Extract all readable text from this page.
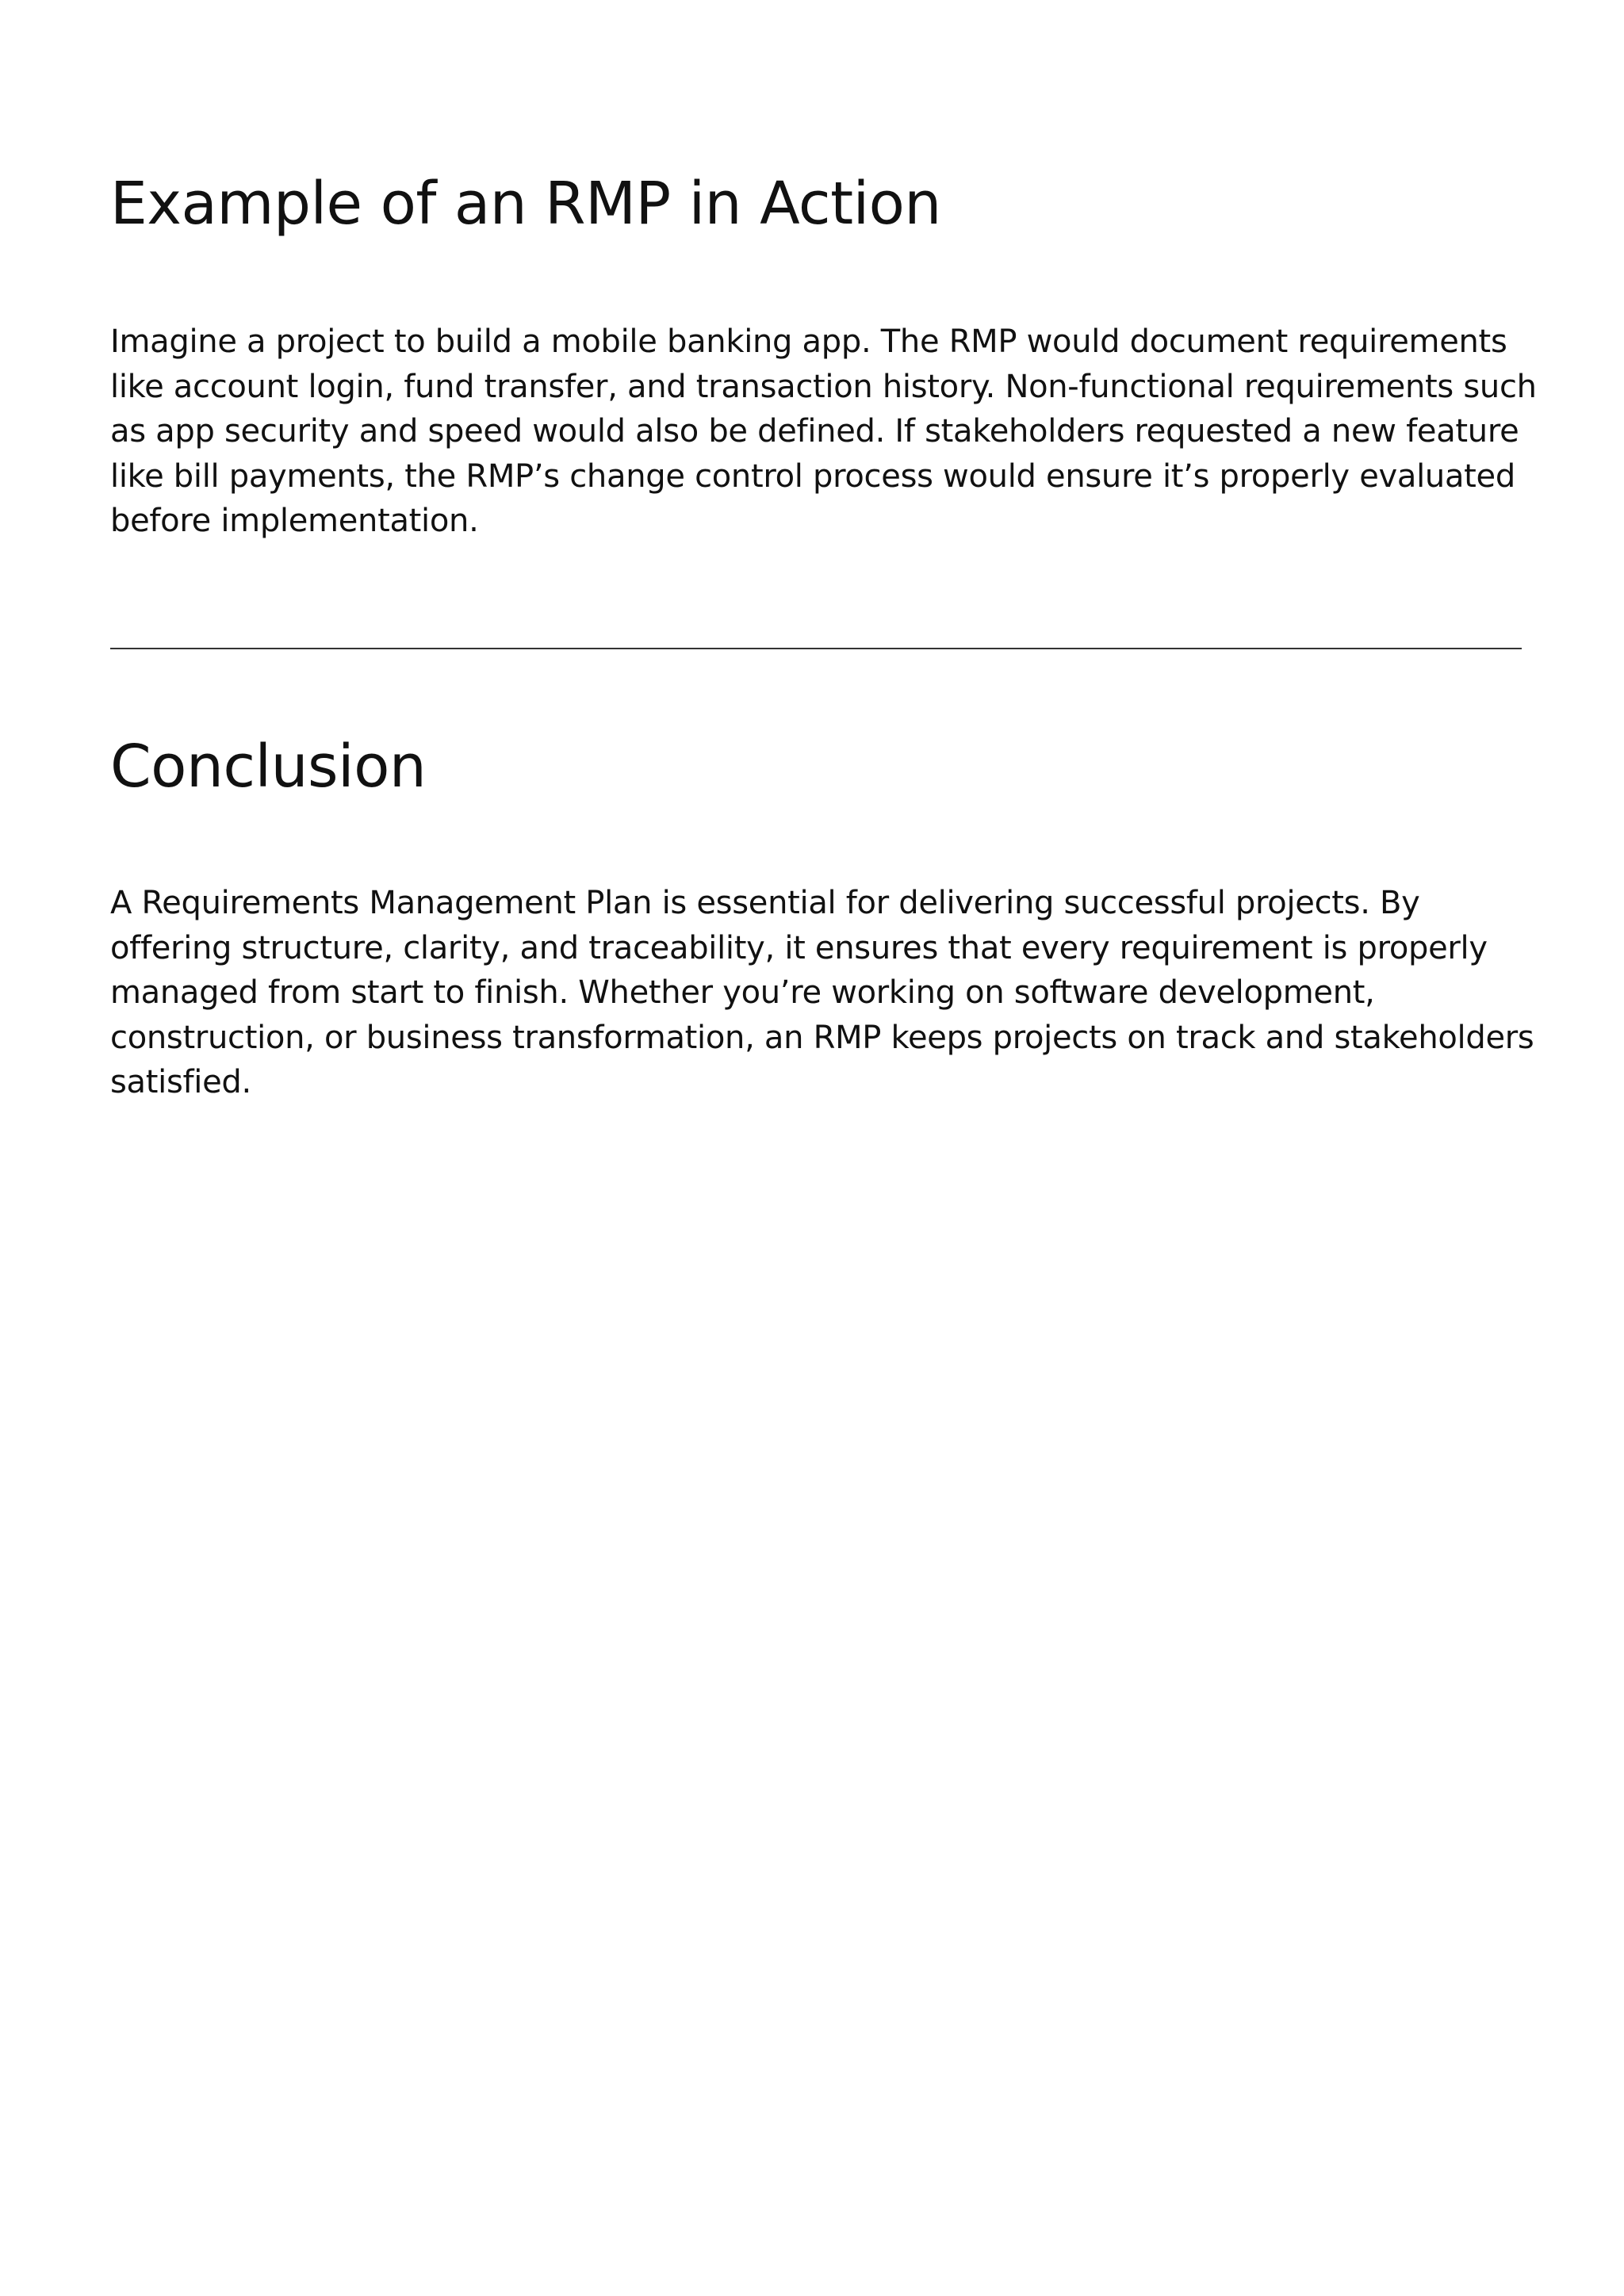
Example of an RMP in Action

Imagine a project to build a mobile banking app. The RMP would document requirements
like account login, fund transfer, and transaction history. Non-functional requirements such
as app security and speed would also be defined. If stakeholders requested a new feature
like bill payments, the RMP’s change control process would ensure it’s properly evaluated
before implementation.

Conclusion

A Requirements Management Plan is essential for delivering successful projects. By
offering structure, clarity, and traceability, it ensures that every requirement is properly
managed from start to finish. Whether you’re working on software development,
construction, or business transformation, an RMP keeps projects on track and stakeholders
satisfied.
